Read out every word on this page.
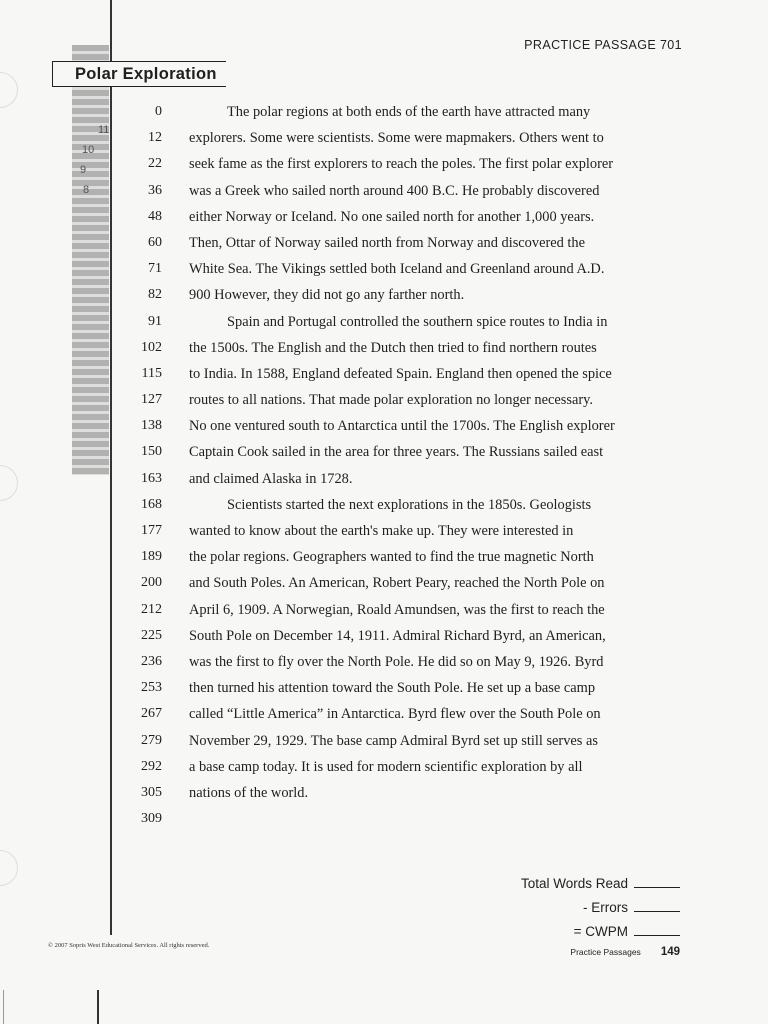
11
10
9
8
PRACTICE PASSAGE 701
Polar Exploration
0	The polar regions at both ends of the earth have attracted many
12 explorers. Some were scientists. Some were mapmakers. Others went to
22 seek fame as the first explorers to reach the poles. The first polar explorer
36 was a Greek who sailed north around 400 B.C. He probably discovered
48 either Norway or Iceland. No one sailed north for another 1,000 years.
60 Then, Ottar of Norway sailed north from Norway and discovered the
71 White Sea. The Vikings settled both Iceland and Greenland around A.D.
82 900 However, they did not go any farther north.
91	Spain and Portugal controlled the southern spice routes to India in
102 the 1500s. The English and the Dutch then tried to find northern routes
115 to India. In 1588, England defeated Spain. England then opened the spice
127 routes to all nations. That made polar exploration no longer necessary.
138 No one ventured south to Antarctica until the 1700s. The English explorer
150 Captain Cook sailed in the area for three years. The Russians sailed east
163 and claimed Alaska in 1728.
168	Scientists started the next explorations in the 1850s. Geologists
177 wanted to know about the earth's make up. They were interested in
189 the polar regions. Geographers wanted to find the true magnetic North
200 and South Poles. An American, Robert Peary, reached the North Pole on
212 April 6, 1909. A Norwegian, Roald Amundsen, was the first to reach the
225 South Pole on December 14, 1911. Admiral Richard Byrd, an American,
236 was the first to fly over the North Pole. He did so on May 9, 1926. Byrd
253 then turned his attention toward the South Pole. He set up a base camp
267 called “Little America” in Antarctica. Byrd flew over the South Pole on
279 November 29, 1929. The base camp Admiral Byrd set up still serves as
292 a base camp today. It is used for modern scientific exploration by all
305 nations of the world.
309
Total Words Read
- Errors
= CWPM
© 2007 Sopris West Educational Services. All rights reserved.
Practice Passages 149
